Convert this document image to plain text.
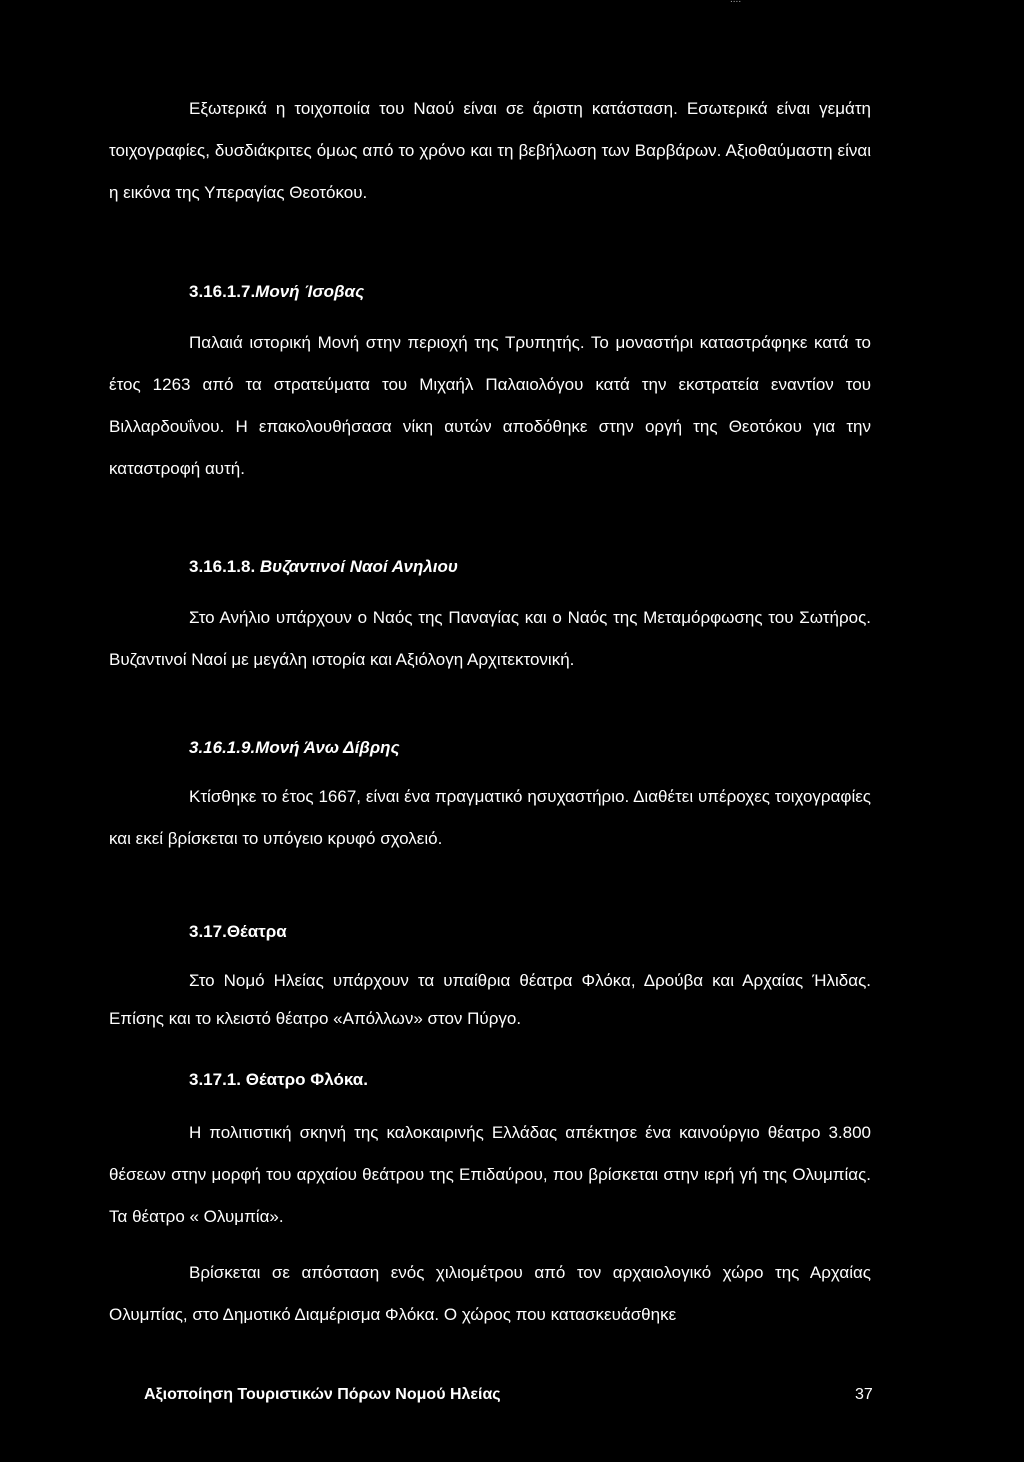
Εξωτερικά η τοιχοποιία του Ναού είναι σε άριστη κατάσταση. Εσωτερικά είναι γεμάτη τοιχογραφίες, δυσδιάκριτες όμως από το χρόνο και τη βεβήλωση των Βαρβάρων. Αξιοθαύμαστη είναι η εικόνα της Υπεραγίας Θεοτόκου.

3.16.1.7.Μονή Ίσοβας

Παλαιά ιστορική Μονή στην περιοχή της Τρυπητής. Το μοναστήρι καταστράφηκε κατά το έτος 1263 από τα στρατεύματα του Μιχαήλ Παλαιολόγου κατά την εκστρατεία εναντίον του Βιλλαρδουΐνου. Η επακολουθήσασα νίκη αυτών αποδόθηκε στην οργή της Θεοτόκου για την καταστροφή αυτή.

3.16.1.8. Βυζαντινοί Ναοί Ανηλιου

Στο Ανήλιο υπάρχουν ο Ναός της Παναγίας και ο Ναός της Μεταμόρφωσης του Σωτήρος. Βυζαντινοί Ναοί με μεγάλη ιστορία και Αξιόλογη Αρχιτεκτονική.

3.16.1.9.Μονή Άνω Δίβρης

Κτίσθηκε το έτος 1667, είναι ένα πραγματικό ησυχαστήριο. Διαθέτει υπέροχες τοιχογραφίες και εκεί βρίσκεται το υπόγειο κρυφό σχολειό.

3.17.Θέατρα

Στο Νομό Ηλείας υπάρχουν τα υπαίθρια θέατρα Φλόκα, Δρούβα και Αρχαίας Ήλιδας. Επίσης και το κλειστό θέατρο «Απόλλων» στον Πύργο.

3.17.1. Θέατρο Φλόκα.

Η πολιτιστική σκηνή της καλοκαιρινής Ελλάδας απέκτησε ένα καινούργιο θέατρο 3.800 θέσεων στην μορφή του αρχαίου θεάτρου της Επιδαύρου, που βρίσκεται στην ιερή γή της Ολυμπίας. Τα θέατρο « Ολυμπία».

Βρίσκεται σε απόσταση ενός χιλιομέτρου από τον αρχαιολογικό χώρο της Αρχαίας Ολυμπίας, στο Δημοτικό Διαμέρισμα Φλόκα. Ο χώρος που κατασκευάσθηκε

Αξιοποίηση Τουριστικών Πόρων Νομού Ηλείας	37
